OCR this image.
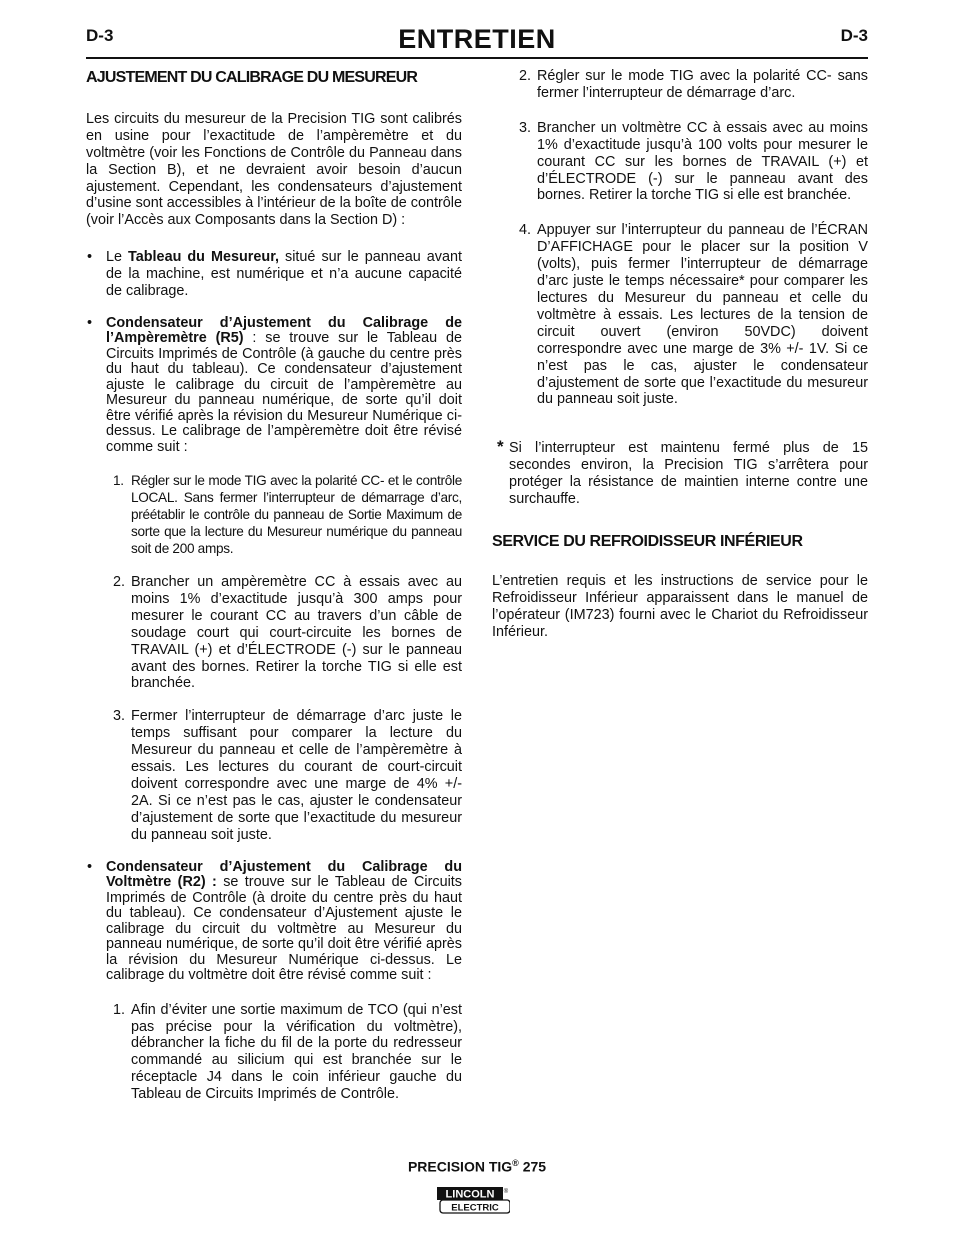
D-3	ENTRETIEN	D-3
AJUSTEMENT DU CALIBRAGE DU MESUREUR

Les circuits du mesureur de la Precision TIG sont calibrés en usine pour l’exactitude de l’ampèremètre et du voltmètre (voir les Fonctions de Contrôle du Panneau dans la Section B), et ne devraient avoir besoin d’aucun ajustement. Cependant, les condensateurs d’ajustement d’usine sont accessibles à l’intérieur de la boîte de contrôle (voir l’Accès aux Composants dans la Section D) :

• Le Tableau du Mesureur, situé sur le panneau avant de la machine, est numérique et n’a aucune capacité de calibrage.
• Condensateur d’Ajustement du Calibrage de l’Ampèremètre (R5) : se trouve sur le Tableau de Circuits Imprimés de Contrôle (à gauche du centre près du haut du tableau). Ce condensateur d’ajustement ajuste le calibrage du circuit de l’ampèremètre au Mesureur du panneau numérique, de sorte qu’il doit être vérifié après la révision du Mesureur Numérique ci-dessus. Le calibrage de l’ampèremètre doit être révisé comme suit :
1. Régler sur le mode TIG avec la polarité CC- et le contrôle LOCAL. Sans fermer l’interrupteur de démarrage d’arc, préétablir le contrôle du panneau de Sortie Maximum de sorte que la lecture du Mesureur numérique du panneau soit de 200 amps.
2. Brancher un ampèremètre CC à essais avec au moins 1% d’exactitude jusqu’à 300 amps pour mesurer le courant CC au travers d’un câble de soudage court qui court-circuite les bornes de TRAVAIL (+) et d’ÉLECTRODE (-) sur le panneau avant des bornes. Retirer la torche TIG si elle est branchée.
3. Fermer l’interrupteur de démarrage d’arc juste le temps suffisant pour comparer la lecture du Mesureur du panneau et celle de l’ampèremètre à essais. Les lectures du courant de court-circuit doivent correspondre avec une marge de 4% +/- 2A. Si ce n’est pas le cas, ajuster le condensateur d’ajustement de sorte que l’exactitude du mesureur du panneau soit juste.
• Condensateur d’Ajustement du Calibrage du Voltmètre (R2) : se trouve sur le Tableau de Circuits Imprimés de Contrôle (à droite du centre près du haut du tableau). Ce condensateur d’Ajustement ajuste le calibrage du circuit du voltmètre au Mesureur du panneau numérique, de sorte qu’il doit être vérifié après la révision du Mesureur Numérique ci-dessus. Le calibrage du voltmètre doit être révisé comme suit :
1. Afin d’éviter une sortie maximum de TCO (qui n’est pas précise pour la vérification du voltmètre), débrancher la fiche du fil de la porte du redresseur commandé au silicium qui est branchée sur le réceptacle J4 dans le coin inférieur gauche du Tableau de Circuits Imprimés de Contrôle.
2. Régler sur le mode TIG avec la polarité CC- sans fermer l’interrupteur de démarrage d’arc.
3. Brancher un voltmètre CC à essais avec au moins 1% d’exactitude jusqu’à 100 volts pour mesurer le courant CC sur les bornes de TRAVAIL (+) et d’ÉLECTRODE (-) sur le panneau avant des bornes. Retirer la torche TIG si elle est branchée.
4. Appuyer sur l’interrupteur du panneau de l’ÉCRAN D’AFFICHAGE pour le placer sur la position V (volts), puis fermer l’interrupteur de démarrage d’arc juste le temps nécessaire* pour comparer les lectures du Mesureur du panneau et celle du voltmètre à essais. Les lectures de la tension de circuit ouvert (environ 50VDC) doivent correspondre avec une marge de 3% +/- 1V. Si ce n’est pas le cas, ajuster le condensateur d’ajustement de sorte que l’exactitude du mesureur du panneau soit juste.
* Si l’interrupteur est maintenu fermé plus de 15 secondes environ, la Precision TIG s’arrêtera pour protéger la résistance de maintien interne contre une surchauffe.
SERVICE DU REFROIDISSEUR INFÉRIEUR

L’entretien requis et les instructions de service pour le Refroidisseur Inférieur apparaissent dans le manuel de l’opérateur (IM723) fourni avec le Chariot du Refroidisseur Inférieur.

PRECISION TIG® 275
LINCOLN ®
ELECTRIC
